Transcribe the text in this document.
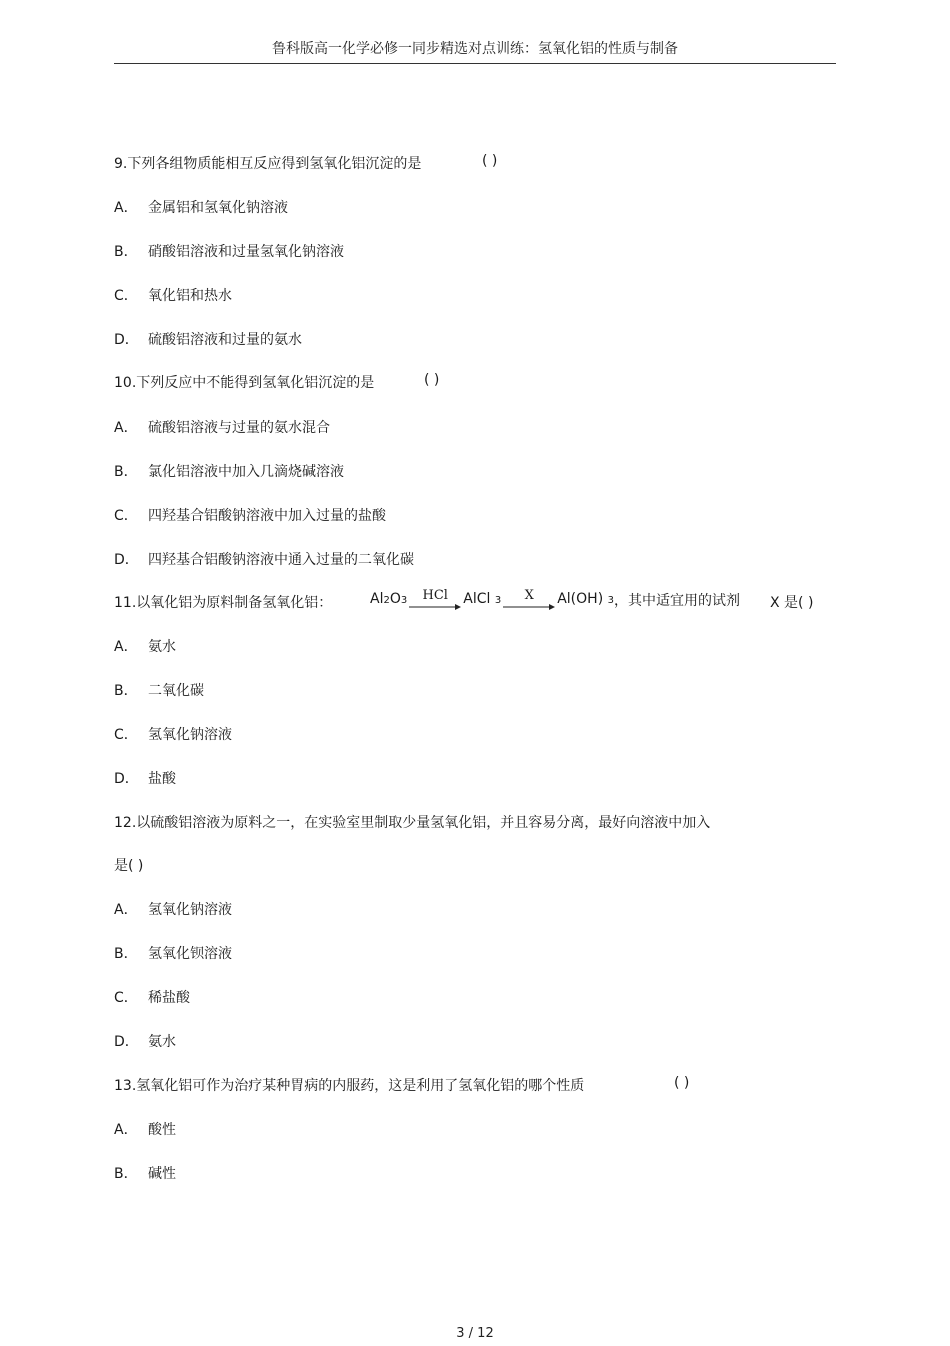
鲁科版高一化学必修一同步精选对点训练：氢氧化铝的性质与制备
9.下列各组物质能相互反应得到氢氧化铝沉淀的是	( )
A． 金属铝和氢氧化钠溶液
B． 硝酸铝溶液和过量氢氧化钠溶液
C． 氧化铝和热水
D． 硫酸铝溶液和过量的氨水
10.下列反应中不能得到氢氧化铝沉淀的是	( )
A． 硫酸铝溶液与过量的氨水混合
B． 氯化铝溶液中加入几滴烧碱溶液
C． 四羟基合铝酸钠溶液中加入过量的盐酸
D． 四羟基合铝酸钠溶液中通入过量的二氧化碳
11.以氧化铝为原料制备氢氧化铝：	Al2O3	HCl	AlCl 3	X	Al(OH) 3 ，其中适宜用的试剂 X 是( )
A． 氨水
B． 二氧化碳
C． 氢氧化钠溶液
D． 盐酸
12.以硫酸铝溶液为原料之一，在实验室里制取少量氢氧化铝，并且容易分离，最好向溶液中加入
是( )
A． 氢氧化钠溶液
B． 氢氧化钡溶液
C． 稀盐酸
D． 氨水
13.氢氧化铝可作为治疗某种胃病的内服药，这是利用了氢氧化铝的哪个性质	( )
A． 酸性
B． 碱性
3 / 12
